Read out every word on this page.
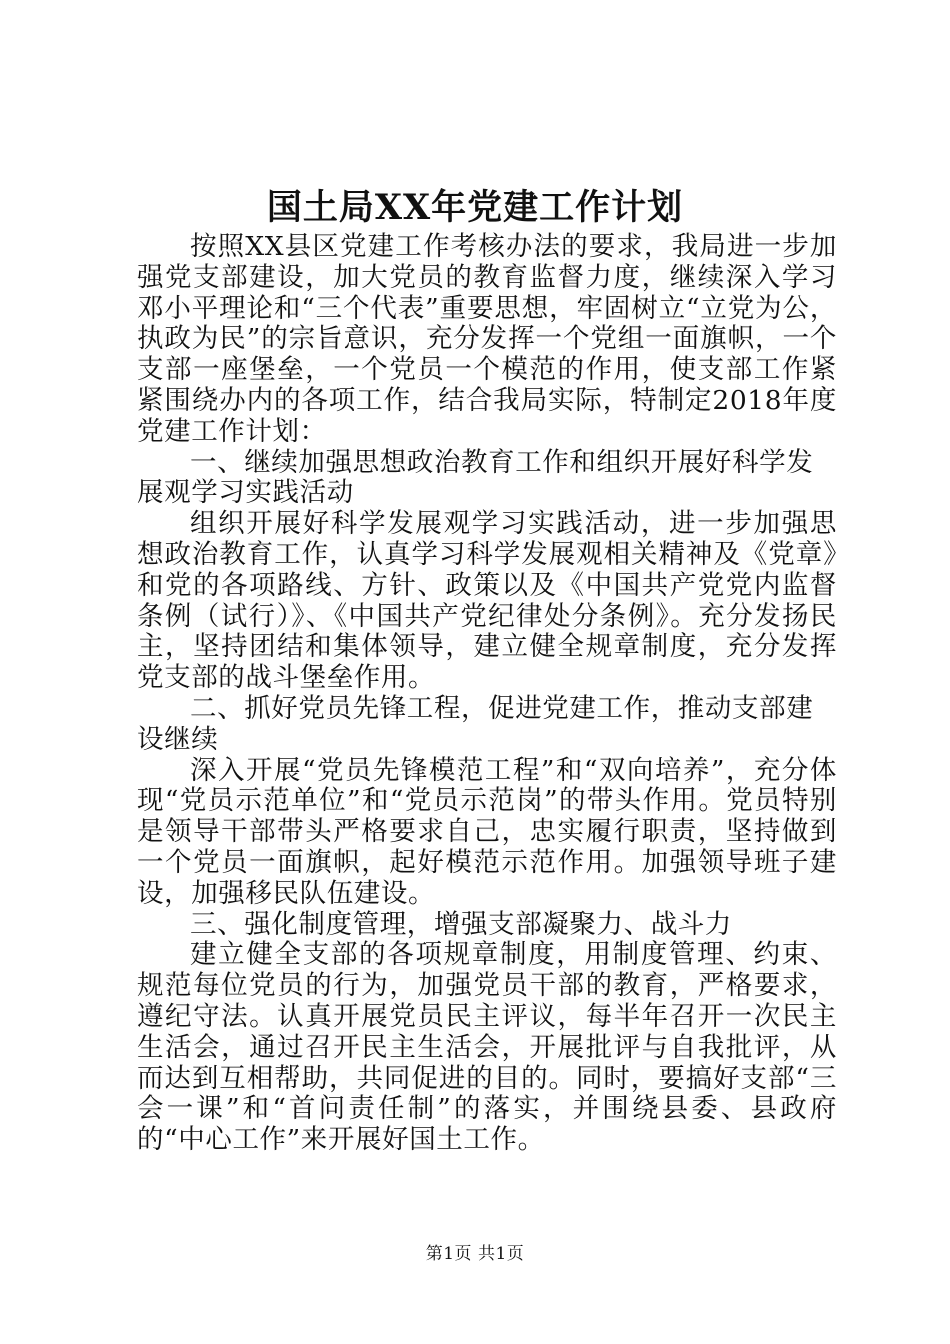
国土局XX年党建工作计划

按照XX县区党建工作考核办法的要求，我局进一步加强党支部建设，加大党员的教育监督力度，继续深入学习邓小平理论和“三个代表”重要思想，牢固树立“立党为公，执政为民”的宗旨意识，充分发挥一个党组一面旗帜，一个支部一座堡垒，一个党员一个模范的作用，使支部工作紧紧围绕办内的各项工作，结合我局实际，特制定2018年度党建工作计划：

一、继续加强思想政治教育工作和组织开展好科学发展观学习实践活动

组织开展好科学发展观学习实践活动，进一步加强思想政治教育工作，认真学习科学发展观相关精神及《党章》和党的各项路线、方针、政策以及《中国共产党党内监督条例（试行）》、《中国共产党纪律处分条例》。充分发扬民主，坚持团结和集体领导，建立健全规章制度，充分发挥党支部的战斗堡垒作用。

二、抓好党员先锋工程，促进党建工作，推动支部建设继续

深入开展“党员先锋模范工程”和“双向培养”，充分体现“党员示范单位”和“党员示范岗”的带头作用。党员特别是领导干部带头严格要求自己，忠实履行职责，坚持做到一个党员一面旗帜，起好模范示范作用。加强领导班子建设，加强移民队伍建设。

三、强化制度管理，增强支部凝聚力、战斗力

建立健全支部的各项规章制度，用制度管理、约束、规范每位党员的行为，加强党员干部的教育，严格要求，遵纪守法。认真开展党员民主评议，每半年召开一次民主生活会，通过召开民主生活会，开展批评与自我批评，从而达到互相帮助，共同促进的目的。同时，要搞好支部“三会一课”和“首问责任制”的落实，并围绕县委、县政府的“中心工作”来开展好国土工作。

第1页 共1页
